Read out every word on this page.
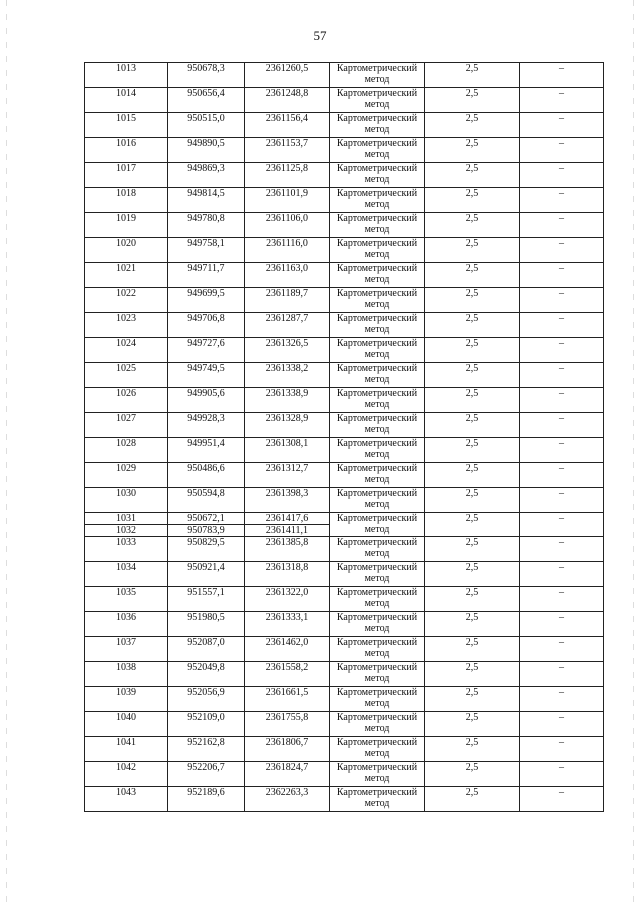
57
1013	950678,3	2361260,5	Картометрический метод	2,5	–
1014	950656,4	2361248,8	Картометрический метод	2,5	–
1015	950515,0	2361156,4	Картометрический метод	2,5	–
1016	949890,5	2361153,7	Картометрический метод	2,5	–
1017	949869,3	2361125,8	Картометрический метод	2,5	–
1018	949814,5	2361101,9	Картометрический метод	2,5	–
1019	949780,8	2361106,0	Картометрический метод	2,5	–
1020	949758,1	2361116,0	Картометрический метод	2,5	–
1021	949711,7	2361163,0	Картометрический метод	2,5	–
1022	949699,5	2361189,7	Картометрический метод	2,5	–
1023	949706,8	2361287,7	Картометрический метод	2,5	–
1024	949727,6	2361326,5	Картометрический метод	2,5	–
1025	949749,5	2361338,2	Картометрический метод	2,5	–
1026	949905,6	2361338,9	Картометрический метод	2,5	–
1027	949928,3	2361328,9	Картометрический метод	2,5	–
1028	949951,4	2361308,1	Картометрический метод	2,5	–
1029	950486,6	2361312,7	Картометрический метод	2,5	–
1030	950594,8	2361398,3	Картометрический метод	2,5	–
1031	950672,1	2361417,6	Картометрический метод	2,5	–
1032	950783,9	2361411,1			
1033	950829,5	2361385,8	Картометрический метод	2,5	–
1034	950921,4	2361318,8	Картометрический метод	2,5	–
1035	951557,1	2361322,0	Картометрический метод	2,5	–
1036	951980,5	2361333,1	Картометрический метод	2,5	–
1037	952087,0	2361462,0	Картометрический метод	2,5	–
1038	952049,8	2361558,2	Картометрический метод	2,5	–
1039	952056,9	2361661,5	Картометрический метод	2,5	–
1040	952109,0	2361755,8	Картометрический метод	2,5	–
1041	952162,8	2361806,7	Картометрический метод	2,5	–
1042	952206,7	2361824,7	Картометрический метод	2,5	–
1043	952189,6	2362263,3	Картометрический метод	2,5	–
